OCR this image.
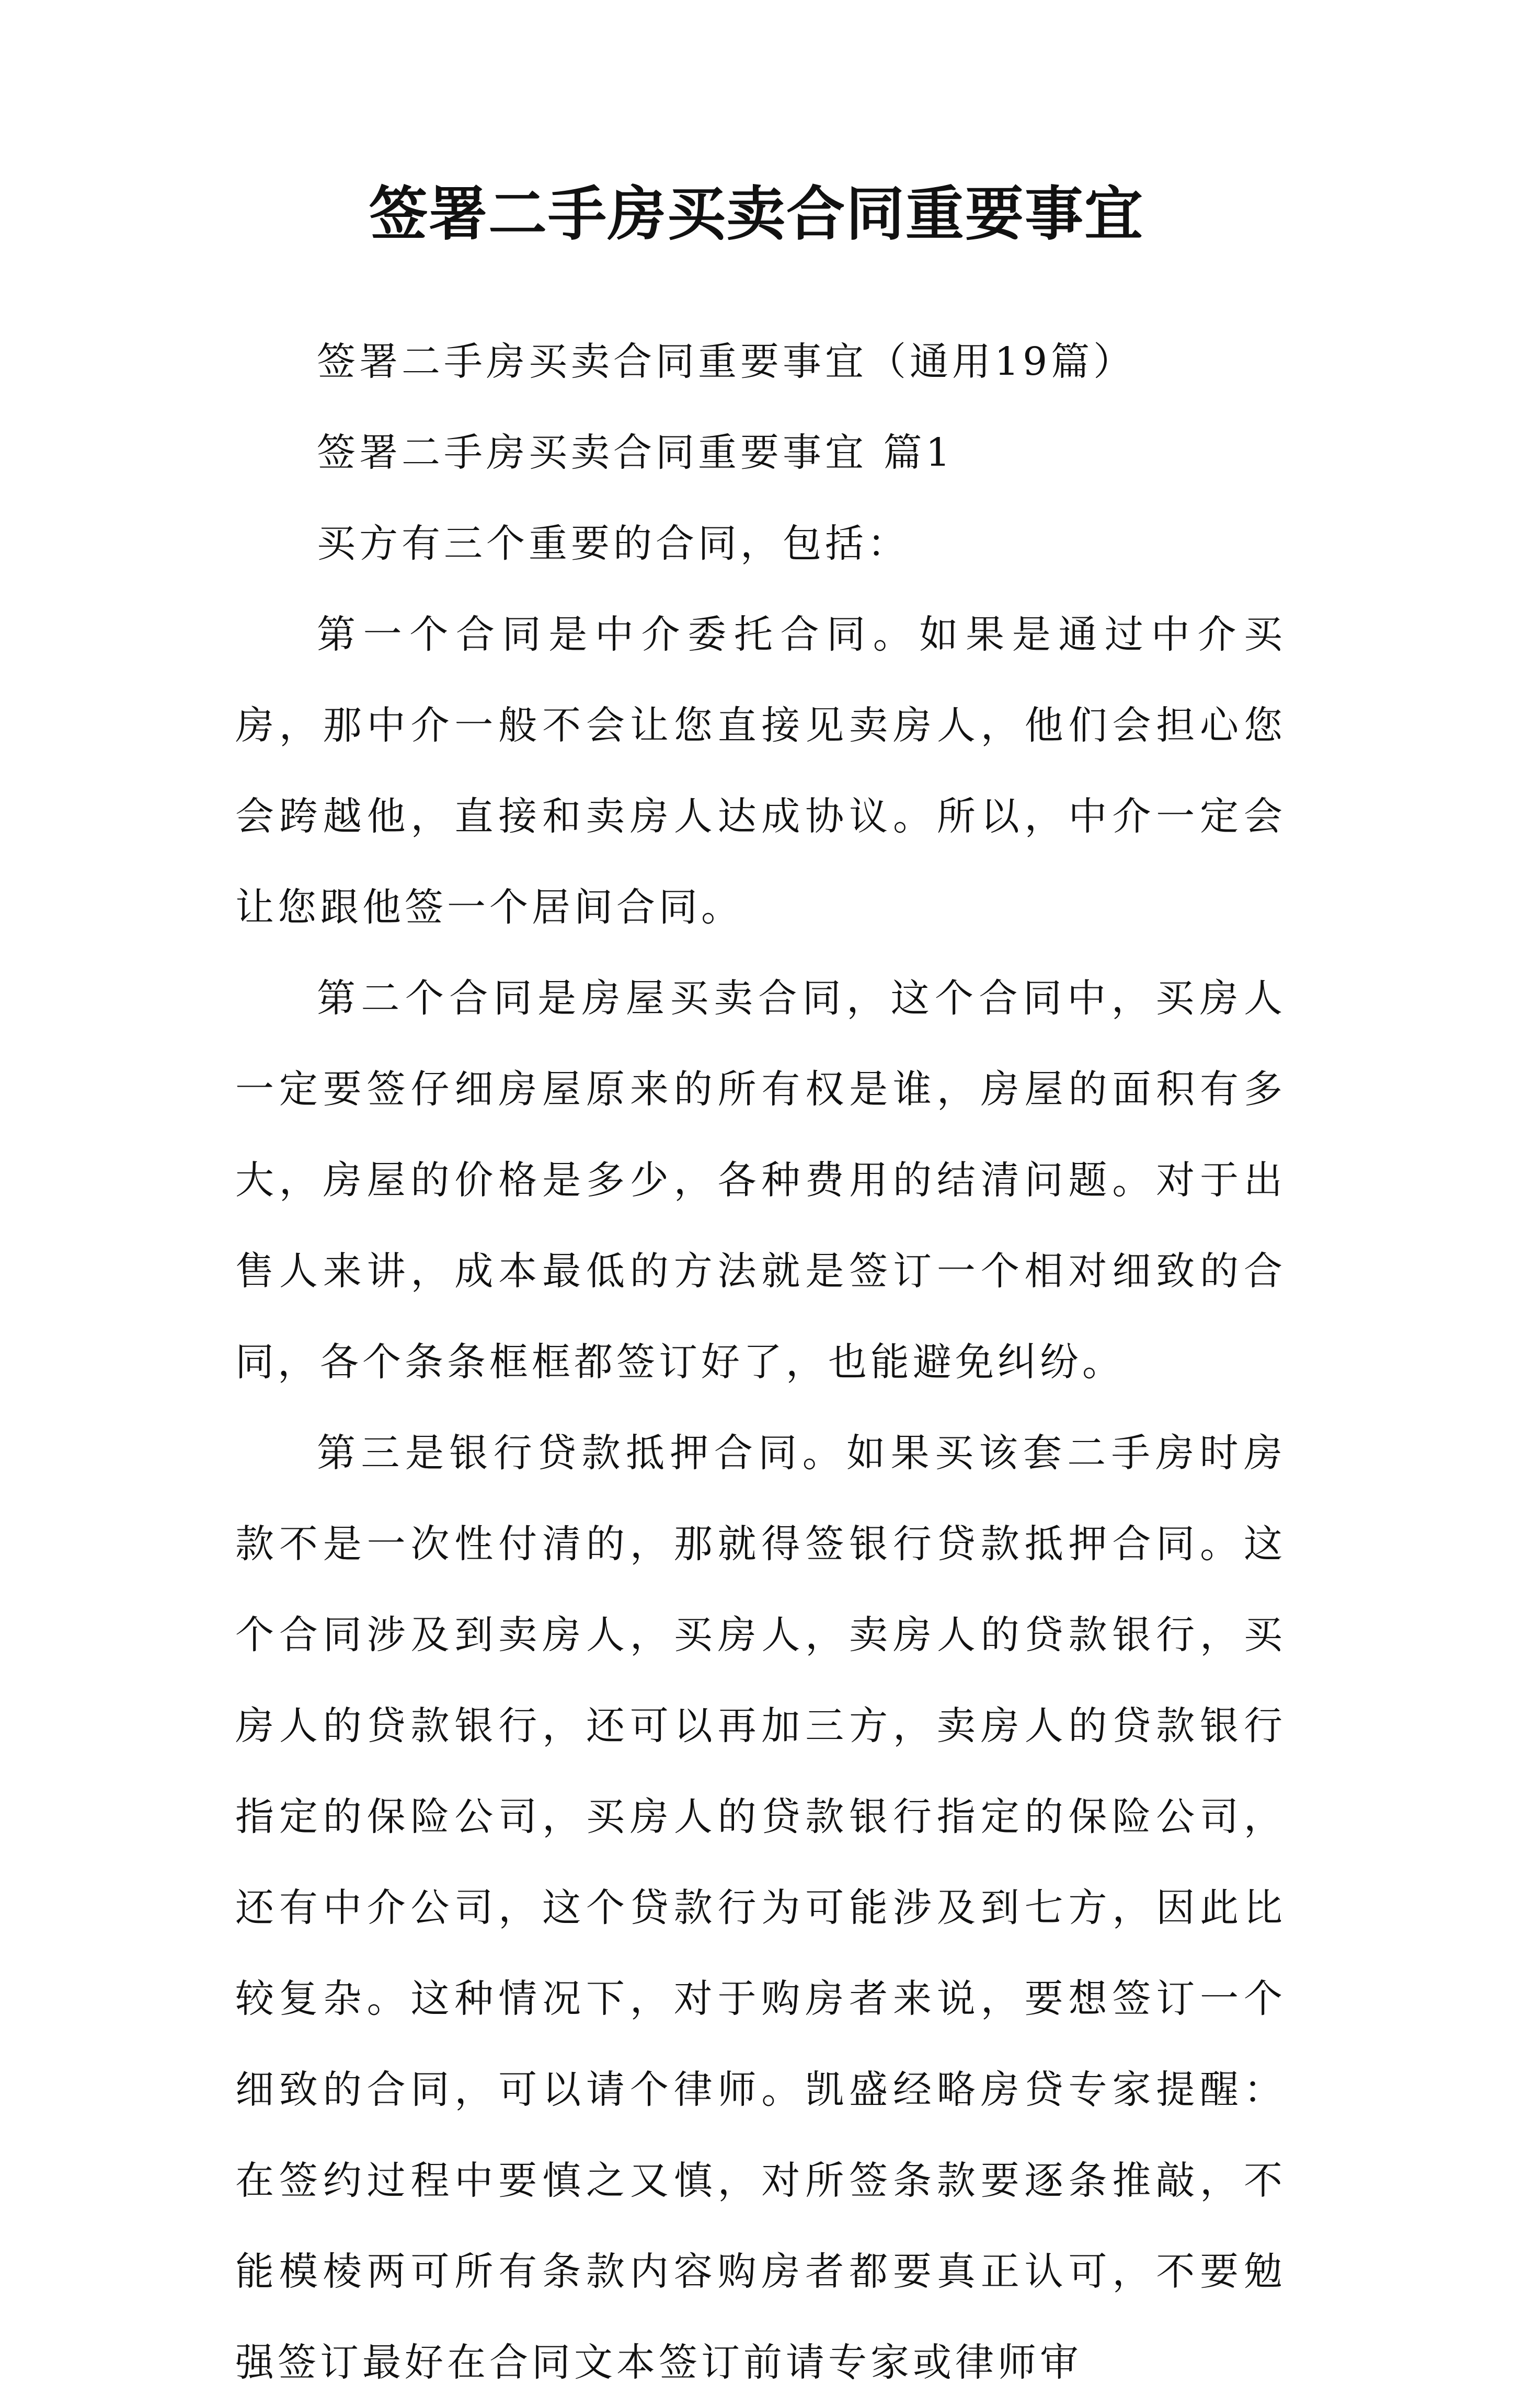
签署二手房买卖合同重要事宜

签署二手房买卖合同重要事宜（通用19篇）

签署二手房买卖合同重要事宜 篇1

买方有三个重要的合同，包括：

第一个合同是中介委托合同。如果是通过中介买房，那中介一般不会让您直接见卖房人，他们会担心您会跨越他，直接和卖房人达成协议。所以，中介一定会让您跟他签一个居间合同。

第二个合同是房屋买卖合同，这个合同中，买房人一定要签仔细房屋原来的所有权是谁，房屋的面积有多大，房屋的价格是多少，各种费用的结清问题。对于出售人来讲，成本最低的方法就是签订一个相对细致的合同，各个条条框框都签订好了，也能避免纠纷。

第三是银行贷款抵押合同。如果买该套二手房时房款不是一次性付清的，那就得签银行贷款抵押合同。这个合同涉及到卖房人，买房人，卖房人的贷款银行，买房人的贷款银行，还可以再加三方，卖房人的贷款银行指定的保险公司，买房人的贷款银行指定的保险公司，还有中介公司，这个贷款行为可能涉及到七方，因此比较复杂。这种情况下，对于购房者来说，要想签订一个细致的合同，可以请个律师。凯盛经略房贷专家提醒：在签约过程中要慎之又慎，对所签条款要逐条推敲，不能模棱两可所有条款内容购房者都要真正认可，不要勉强签订最好在合同文本签订前请专家或律师审
